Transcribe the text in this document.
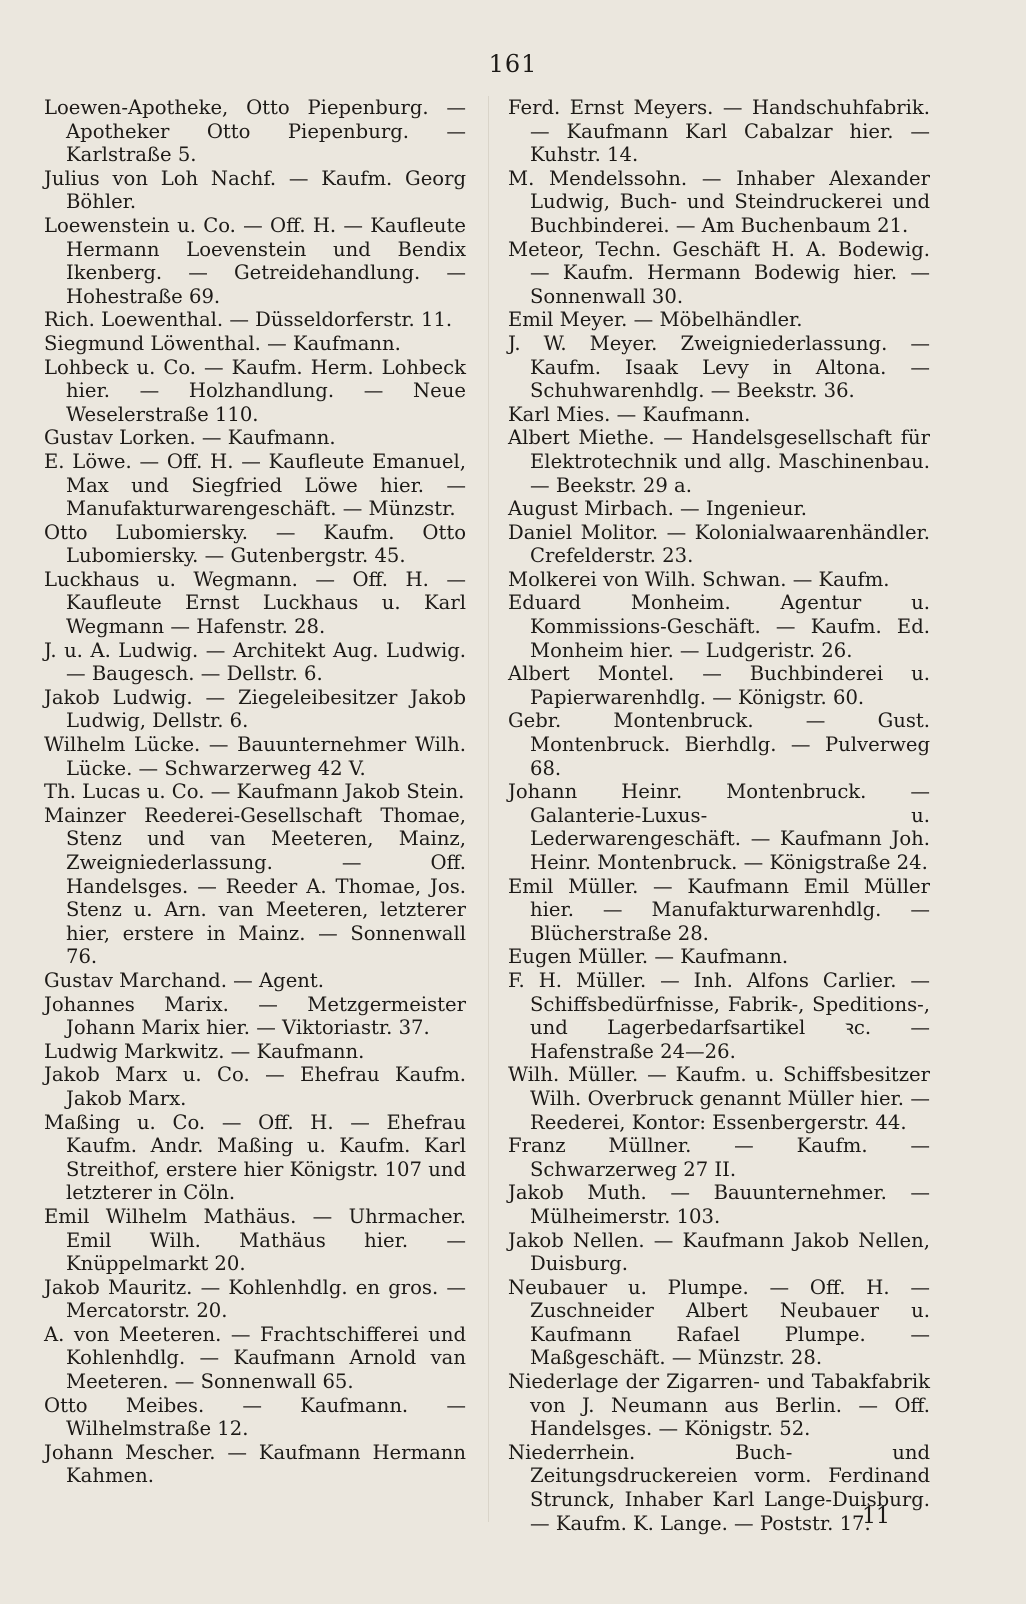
161

Loewen-Apotheke, Otto Piepenburg. — Apotheker Otto Piepenburg. — Karlstraße 5.

Julius von Loh Nachf. — Kaufm. Georg Böhler.

Loewenstein u. Co. — Off. H. — Kaufleute Hermann Loevenstein und Bendix Ikenberg. — Getreidehandlung. — Hohestraße 69.

Rich. Loewenthal. — Düsseldorferstr. 11.

Siegmund Löwenthal. — Kaufmann.

Lohbeck u. Co. — Kaufm. Herm. Lohbeck hier. — Holzhandlung. — Neue Weselerstraße 110.

Gustav Lorken. — Kaufmann.

E. Löwe. — Off. H. — Kaufleute Emanuel, Max und Siegfried Löwe hier. — Manufakturwarengeschäft. — Münzstr.

Otto Lubomiersky. — Kaufm. Otto Lubomiersky. — Gutenbergstr. 45.

Luckhaus u. Wegmann. — Off. H. — Kaufleute Ernst Luckhaus u. Karl Wegmann — Hafenstr. 28.

J. u. A. Ludwig. — Architekt Aug. Ludwig. — Baugesch. — Dellstr. 6.

Jakob Ludwig. — Ziegeleibesitzer Jakob Ludwig, Dellstr. 6.

Wilhelm Lücke. — Bauunternehmer Wilh. Lücke. — Schwarzerweg 42 V.

Th. Lucas u. Co. — Kaufmann Jakob Stein.

Mainzer Reederei-Gesellschaft Thomae, Stenz und van Meeteren, Mainz, Zweigniederlassung. — Off. Handelsges. — Reeder A. Thomae, Jos. Stenz u. Arn. van Meeteren, letzterer hier, erstere in Mainz. — Sonnenwall 76.

Gustav Marchand. — Agent.

Johannes Marix. — Metzgermeister Johann Marix hier. — Viktoriastr. 37.

Ludwig Markwitz. — Kaufmann.

Jakob Marx u. Co. — Ehefrau Kaufm. Jakob Marx.

Maßing u. Co. — Off. H. — Ehefrau Kaufm. Andr. Maßing u. Kaufm. Karl Streithof, erstere hier Königstr. 107 und letzterer in Cöln.

Emil Wilhelm Mathäus. — Uhrmacher. Emil Wilh. Mathäus hier. — Knüppelmarkt 20.

Jakob Mauritz. — Kohlenhdlg. en gros. — Mercatorstr. 20.

A. von Meeteren. — Frachtschifferei und Kohlenhdlg. — Kaufmann Arnold van Meeteren. — Sonnenwall 65.

Otto Meibes. — Kaufmann. — Wilhelmstraße 12.

Johann Mescher. — Kaufmann Hermann Kahmen.

Ferd. Ernst Meyers. — Handschuhfabrik. — Kaufmann Karl Cabalzar hier. — Kuhstr. 14.

M. Mendelssohn. — Inhaber Alexander Ludwig, Buch- und Steindruckerei und Buchbinderei. — Am Buchenbaum 21.

Meteor, Techn. Geschäft H. A. Bodewig. — Kaufm. Hermann Bodewig hier. — Sonnenwall 30.

Emil Meyer. — Möbelhändler.

J. W. Meyer. Zweigniederlassung. — Kaufm. Isaak Levy in Altona. — Schuhwarenhdlg. — Beekstr. 36.

Karl Mies. — Kaufmann.

Albert Miethe. — Handelsgesellschaft für Elektrotechnik und allg. Maschinenbau. — Beekstr. 29 a.

August Mirbach. — Ingenieur.

Daniel Molitor. — Kolonialwaarenhändler. Crefelderstr. 23.

Molkerei von Wilh. Schwan. — Kaufm.

Eduard Monheim. Agentur u. Kommissions-Geschäft. — Kaufm. Ed. Monheim hier. — Ludgeristr. 26.

Albert Montel. — Buchbinderei u. Papierwarenhdlg. — Königstr. 60.

Gebr. Montenbruck. — Gust. Montenbruck. Bierhdlg. — Pulverweg 68.

Johann Heinr. Montenbruck. — Galanterie-Luxus- u. Lederwarengeschäft. — Kaufmann Joh. Heinr. Montenbruck. — Königstraße 24.

Emil Müller. — Kaufmann Emil Müller hier. — Manufakturwarenhdlg. — Blücherstraße 28.

Eugen Müller. — Kaufmann.

F. H. Müller. — Inh. Alfons Carlier. — Schiffsbedürfnisse, Fabrik-, Speditions-, und Lagerbedarfsartikel ꝛc. — Hafenstraße 24—26.

Wilh. Müller. — Kaufm. u. Schiffsbesitzer Wilh. Overbruck genannt Müller hier. — Reederei, Kontor: Essenbergerstr. 44.

Franz Müllner. — Kaufm. — Schwarzerweg 27 II.

Jakob Muth. — Bauunternehmer. — Mülheimerstr. 103.

Jakob Nellen. — Kaufmann Jakob Nellen, Duisburg.

Neubauer u. Plumpe. — Off. H. — Zuschneider Albert Neubauer u. Kaufmann Rafael Plumpe. — Maßgeschäft. — Münzstr. 28.

Niederlage der Zigarren- und Tabakfabrik von J. Neumann aus Berlin. — Off. Handelsges. — Königstr. 52.

Niederrhein. Buch- und Zeitungsdruckereien vorm. Ferdinand Strunck, Inhaber Karl Lange-Duisburg. — Kaufm. K. Lange. — Poststr. 17.

11
